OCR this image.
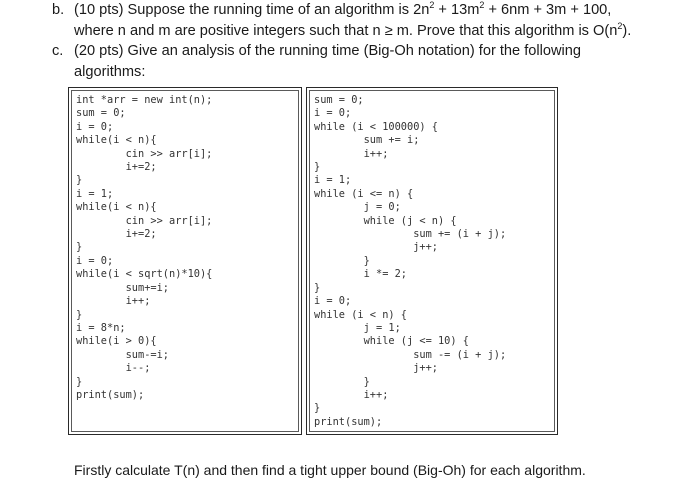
b. (10 pts) Suppose the running time of an algorithm is $2n^2 + 13m^2 + 6nm + 3m + 100$,
where n and m are positive integers such that n ≥ m. Prove that this algorithm is $O(n^2)$.
c. (20 pts) Give an analysis of the running time (Big-Oh notation) for the following
algorithms:
int *arr = new int(n);
sum = 0;
i = 0;
while(i < n){
cin >> arr[i];
i+=2;
}
i = 1;
while(i < n){
cin >> arr[i];
i+=2;
}
i = 0;
while(i < sqrt(n)*10){
sum+=i;
i++;
}
i = 8*n;
while(i > 0){
sum-=i;
i--;
}
print(sum);
sum = 0;
i = 0;
while (i < 100000) {
sum += i;
i++;
}
i = 1;
while (i <= n) {
j = 0;
while (j < n) {
sum += (i + j);
j++;
}
i *= 2;
}
i = 0;
while (i < n) {
j = 1;
while (j <= 10) {
sum -= (i + j);
j++;
}
i++;
}
print(sum);
Firstly calculate T(n) and then find a tight upper bound (Big-Oh) for each algorithm.
